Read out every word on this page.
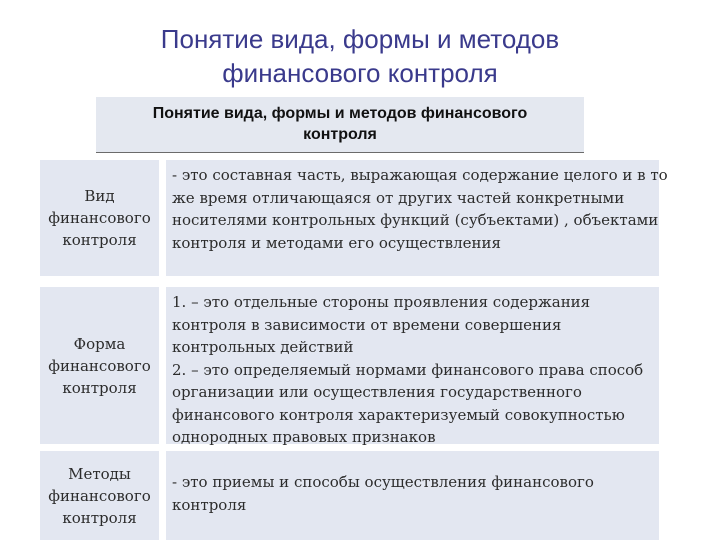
Понятие вида, формы и методов
финансового контроля
Понятие вида, формы и методов финансового
контроля
Вид
финансового
контроля
- это составная часть, выражающая содержание целого и в то
же время отличающаяся от других частей конкретными
носителями контрольных функций (субъектами) , объектами
контроля и методами его осуществления
Форма
финансового
контроля
1. – это отдельные стороны проявления содержания
контроля в зависимости от времени совершения
контрольных действий
2. – это определяемый нормами финансового права способ
организации или осуществления государственного
финансового контроля характеризуемый совокупностью
однородных правовых признаков
Методы
финансового
контроля
- это приемы и способы осуществления финансового
контроля
